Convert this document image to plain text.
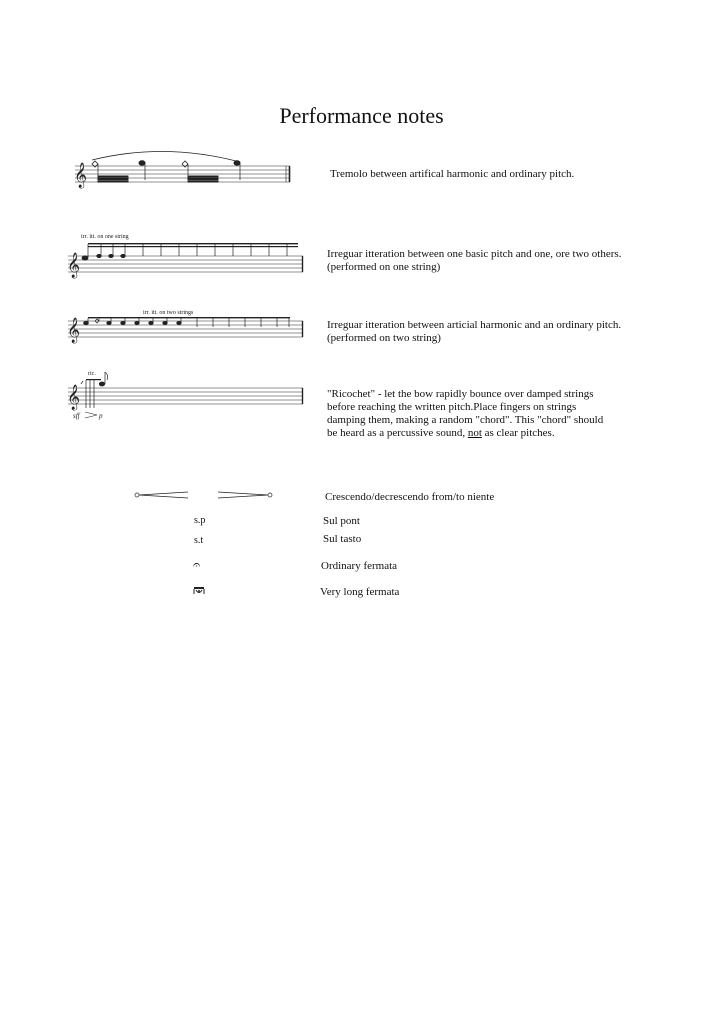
Performance notes
𝄞	Tremolo between artifical harmonic and ordinary pitch.
irr. itt. on one string
𝄞	Irreguar itteration between one basic pitch and one, ore two others.
(performed on one string)
irr. itt. on two strings
𝄞	Irreguar itteration between articial harmonic and an ordinary pitch.
(performed on two string)
ric.
𝄞
sff	p
"Ricochet" - let the bow rapidly bounce over damped strings
before reaching the written pitch.Place fingers on strings
damping them, making a random "chord". This "chord" should
be heard as a percussive sound, not as clear pitches.
Crescendo/decrescendo from/to niente
s.p	Sul pont
s.t	Sul tasto
𝄐	Ordinary fermata
Very long fermata
